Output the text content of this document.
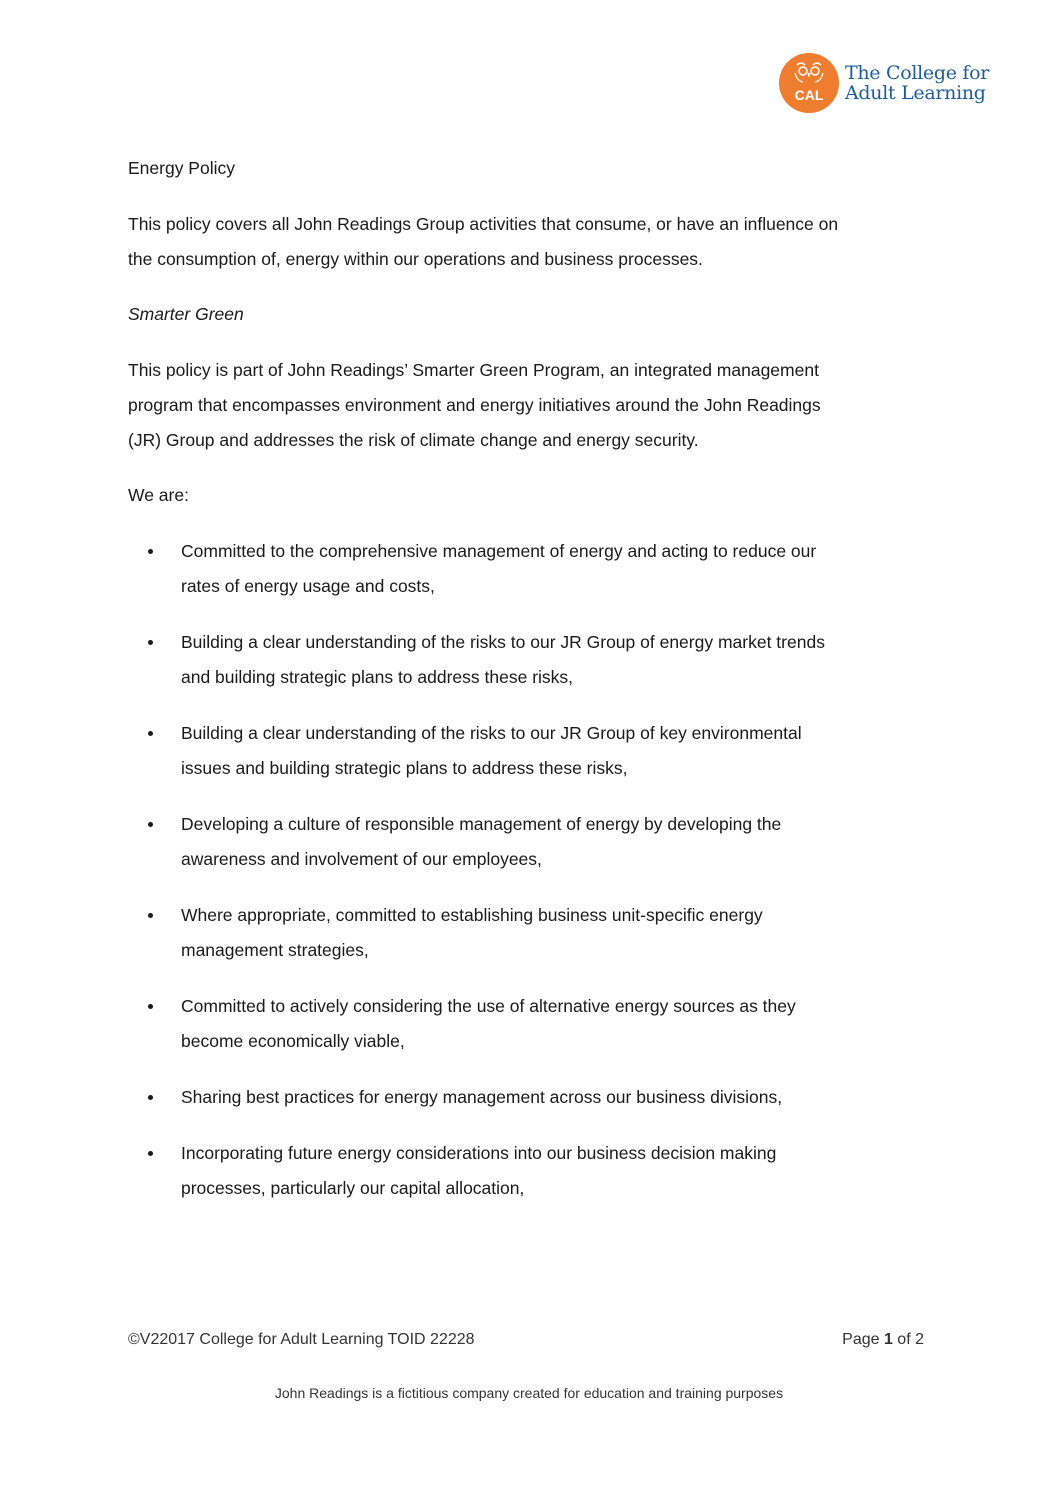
CAL
The College for
Adult Learning
Energy Policy
This policy covers all John Readings Group activities that consume, or have an influence on
the consumption of, energy within our operations and business processes.
Smarter Green
This policy is part of John Readings’ Smarter Green Program, an integrated management
program that encompasses environment and energy initiatives around the John Readings
(JR) Group and addresses the risk of climate change and energy security.
We are:
Committed to the comprehensive management of energy and acting to reduce our
rates of energy usage and costs,
Building a clear understanding of the risks to our JR Group of energy market trends
and building strategic plans to address these risks,
Building a clear understanding of the risks to our JR Group of key environmental
issues and building strategic plans to address these risks,
Developing a culture of responsible management of energy by developing the
awareness and involvement of our employees,
Where appropriate, committed to establishing business unit-specific energy
management strategies,
Committed to actively considering the use of alternative energy sources as they
become economically viable,
Sharing best practices for energy management across our business divisions,
Incorporating future energy considerations into our business decision making
processes, particularly our capital allocation,
©V22017 College for Adult Learning TOID 22228	Page 1 of 2
John Readings is a fictitious company created for education and training purposes
